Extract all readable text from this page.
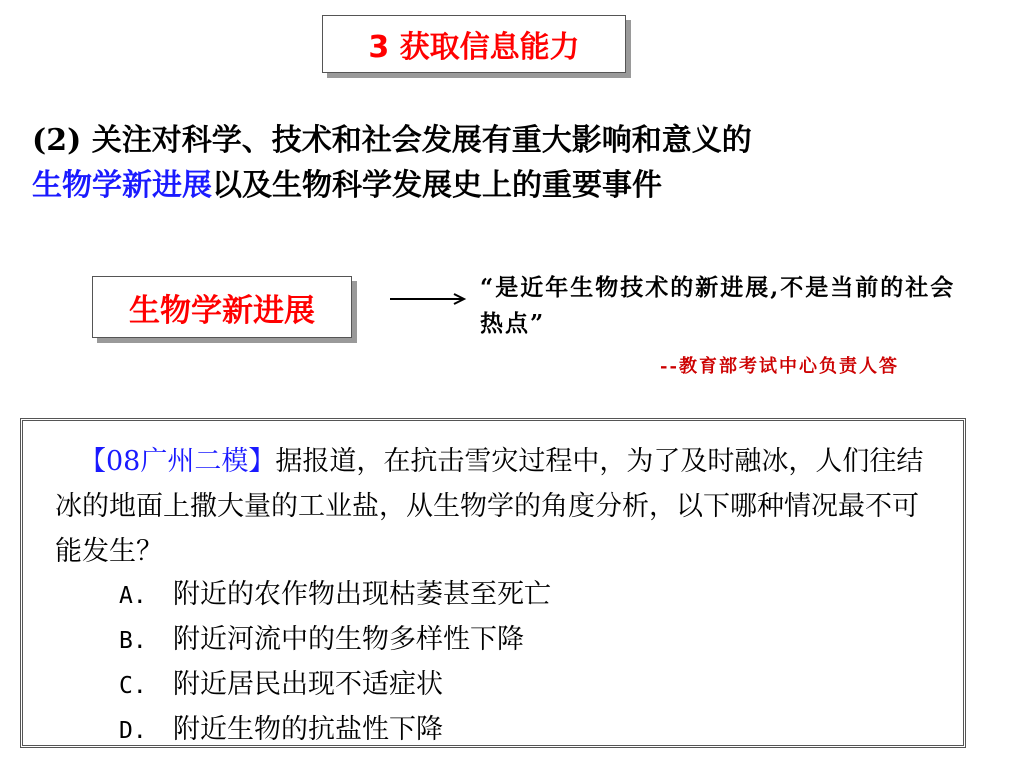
3 获取信息能力

(2) 关注对科学、技术和社会发展有重大影响和意义的
生物学新进展以及生物科学发展史上的重要事件

生物学新进展

“是近年生物技术的新进展,不是当前的社会热点”

--教育部考试中心负责人答

【08广州二模】据报道，在抗击雪灾过程中，为了及时融冰，人们往结冰的地面上撒大量的工业盐，从生物学的角度分析，以下哪种情况最不可能发生？

A. 附近的农作物出现枯萎甚至死亡
B. 附近河流中的生物多样性下降
C. 附近居民出现不适症状
D. 附近生物的抗盐性下降
